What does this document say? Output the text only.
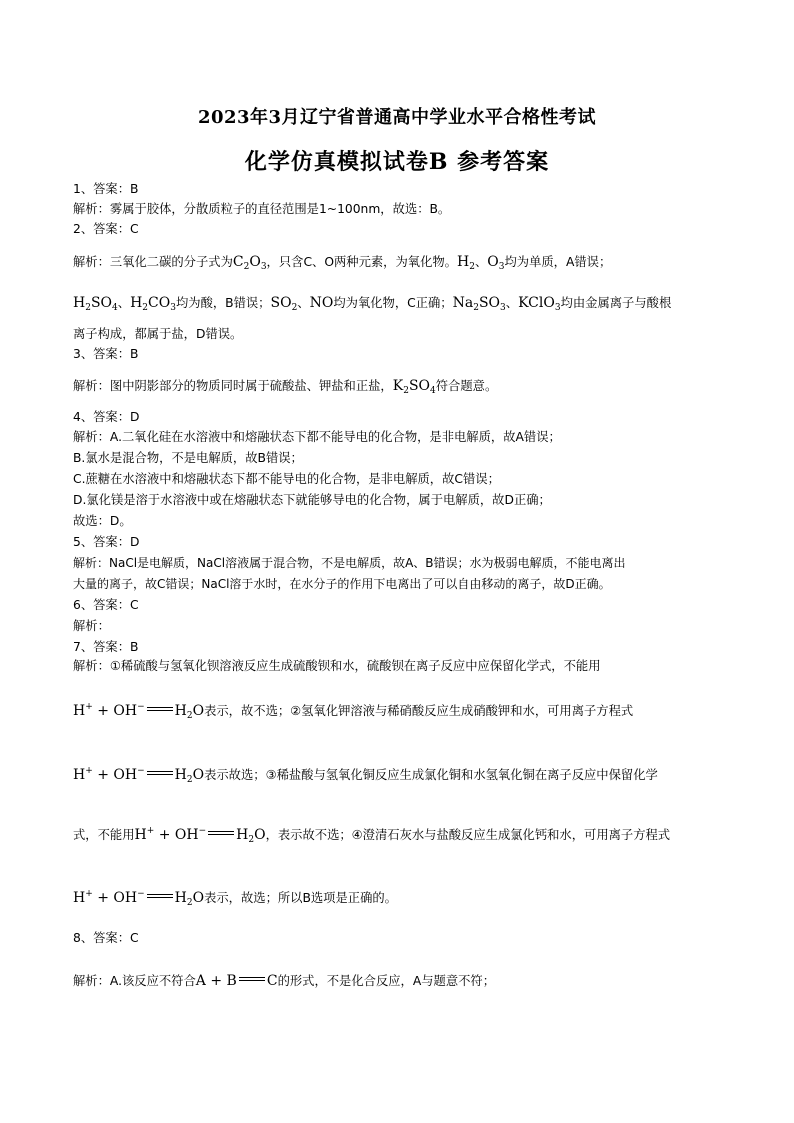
2023年3月辽宁省普通高中学业水平合格性考试
化学仿真模拟试卷B 参考答案
1、答案：B
解析：雾属于胶体，分散质粒子的直径范围是1~100nm，故选：B。
2、答案：C
解析：三氧化二碳的分子式为$C_2O_3$，只含C、O两种元素，为氧化物。$H_2$、$O_3$均为单质，A错误；
$H_2SO_4$、$H_2CO_3$均为酸，B错误；$SO_2$、NO均为氧化物，C正确；$Na_2SO_3$、KClO$_3$均由金属离子与酸根
离子构成，都属于盐，D错误。
3、答案：B
解析：图中阴影部分的物质同时属于硫酸盐、钾盐和正盐，$K_2SO_4$符合题意。
4、答案：D
解析：A.二氧化硅在水溶液中和熔融状态下都不能导电的化合物，是非电解质，故A错误；
B.氯水是混合物，不是电解质，故B错误；
C.蔗糖在水溶液中和熔融状态下都不能导电的化合物，是非电解质，故C错误；
D.氯化镁是溶于水溶液中或在熔融状态下就能够导电的化合物，属于电解质，故D正确；
故选：D。
5、答案：D
解析：NaCl是电解质，NaCl溶液属于混合物，不是电解质，故A、B错误；水为极弱电解质，不能电离出
大量的离子，故C错误；NaCl溶于水时，在水分子的作用下电离出了可以自由移动的离子，故D正确。
6、答案：C
解析：
7、答案：B
解析：①稀硫酸与氢氧化钡溶液反应生成硫酸钡和水，硫酸钡在离子反应中应保留化学式，不能用
H+ + OH− $H_2O$表示，故不选；②氢氧化钾溶液与稀硝酸反应生成硝酸钾和水，可用离子方程式
H+ + OH− $H_2O$表示故选；③稀盐酸与氢氧化铜反应生成氯化铜和水氢氧化铜在离子反应中保留化学
式，不能用H+ + OH− $H_2O$，表示故不选；④澄清石灰水与盐酸反应生成氯化钙和水，可用离子方程式
H+ + OH− $H_2O$表示，故选；所以B选项是正确的。
8、答案：C
解析：A.该反应不符合A + B C的形式，不是化合反应，A与题意不符；
